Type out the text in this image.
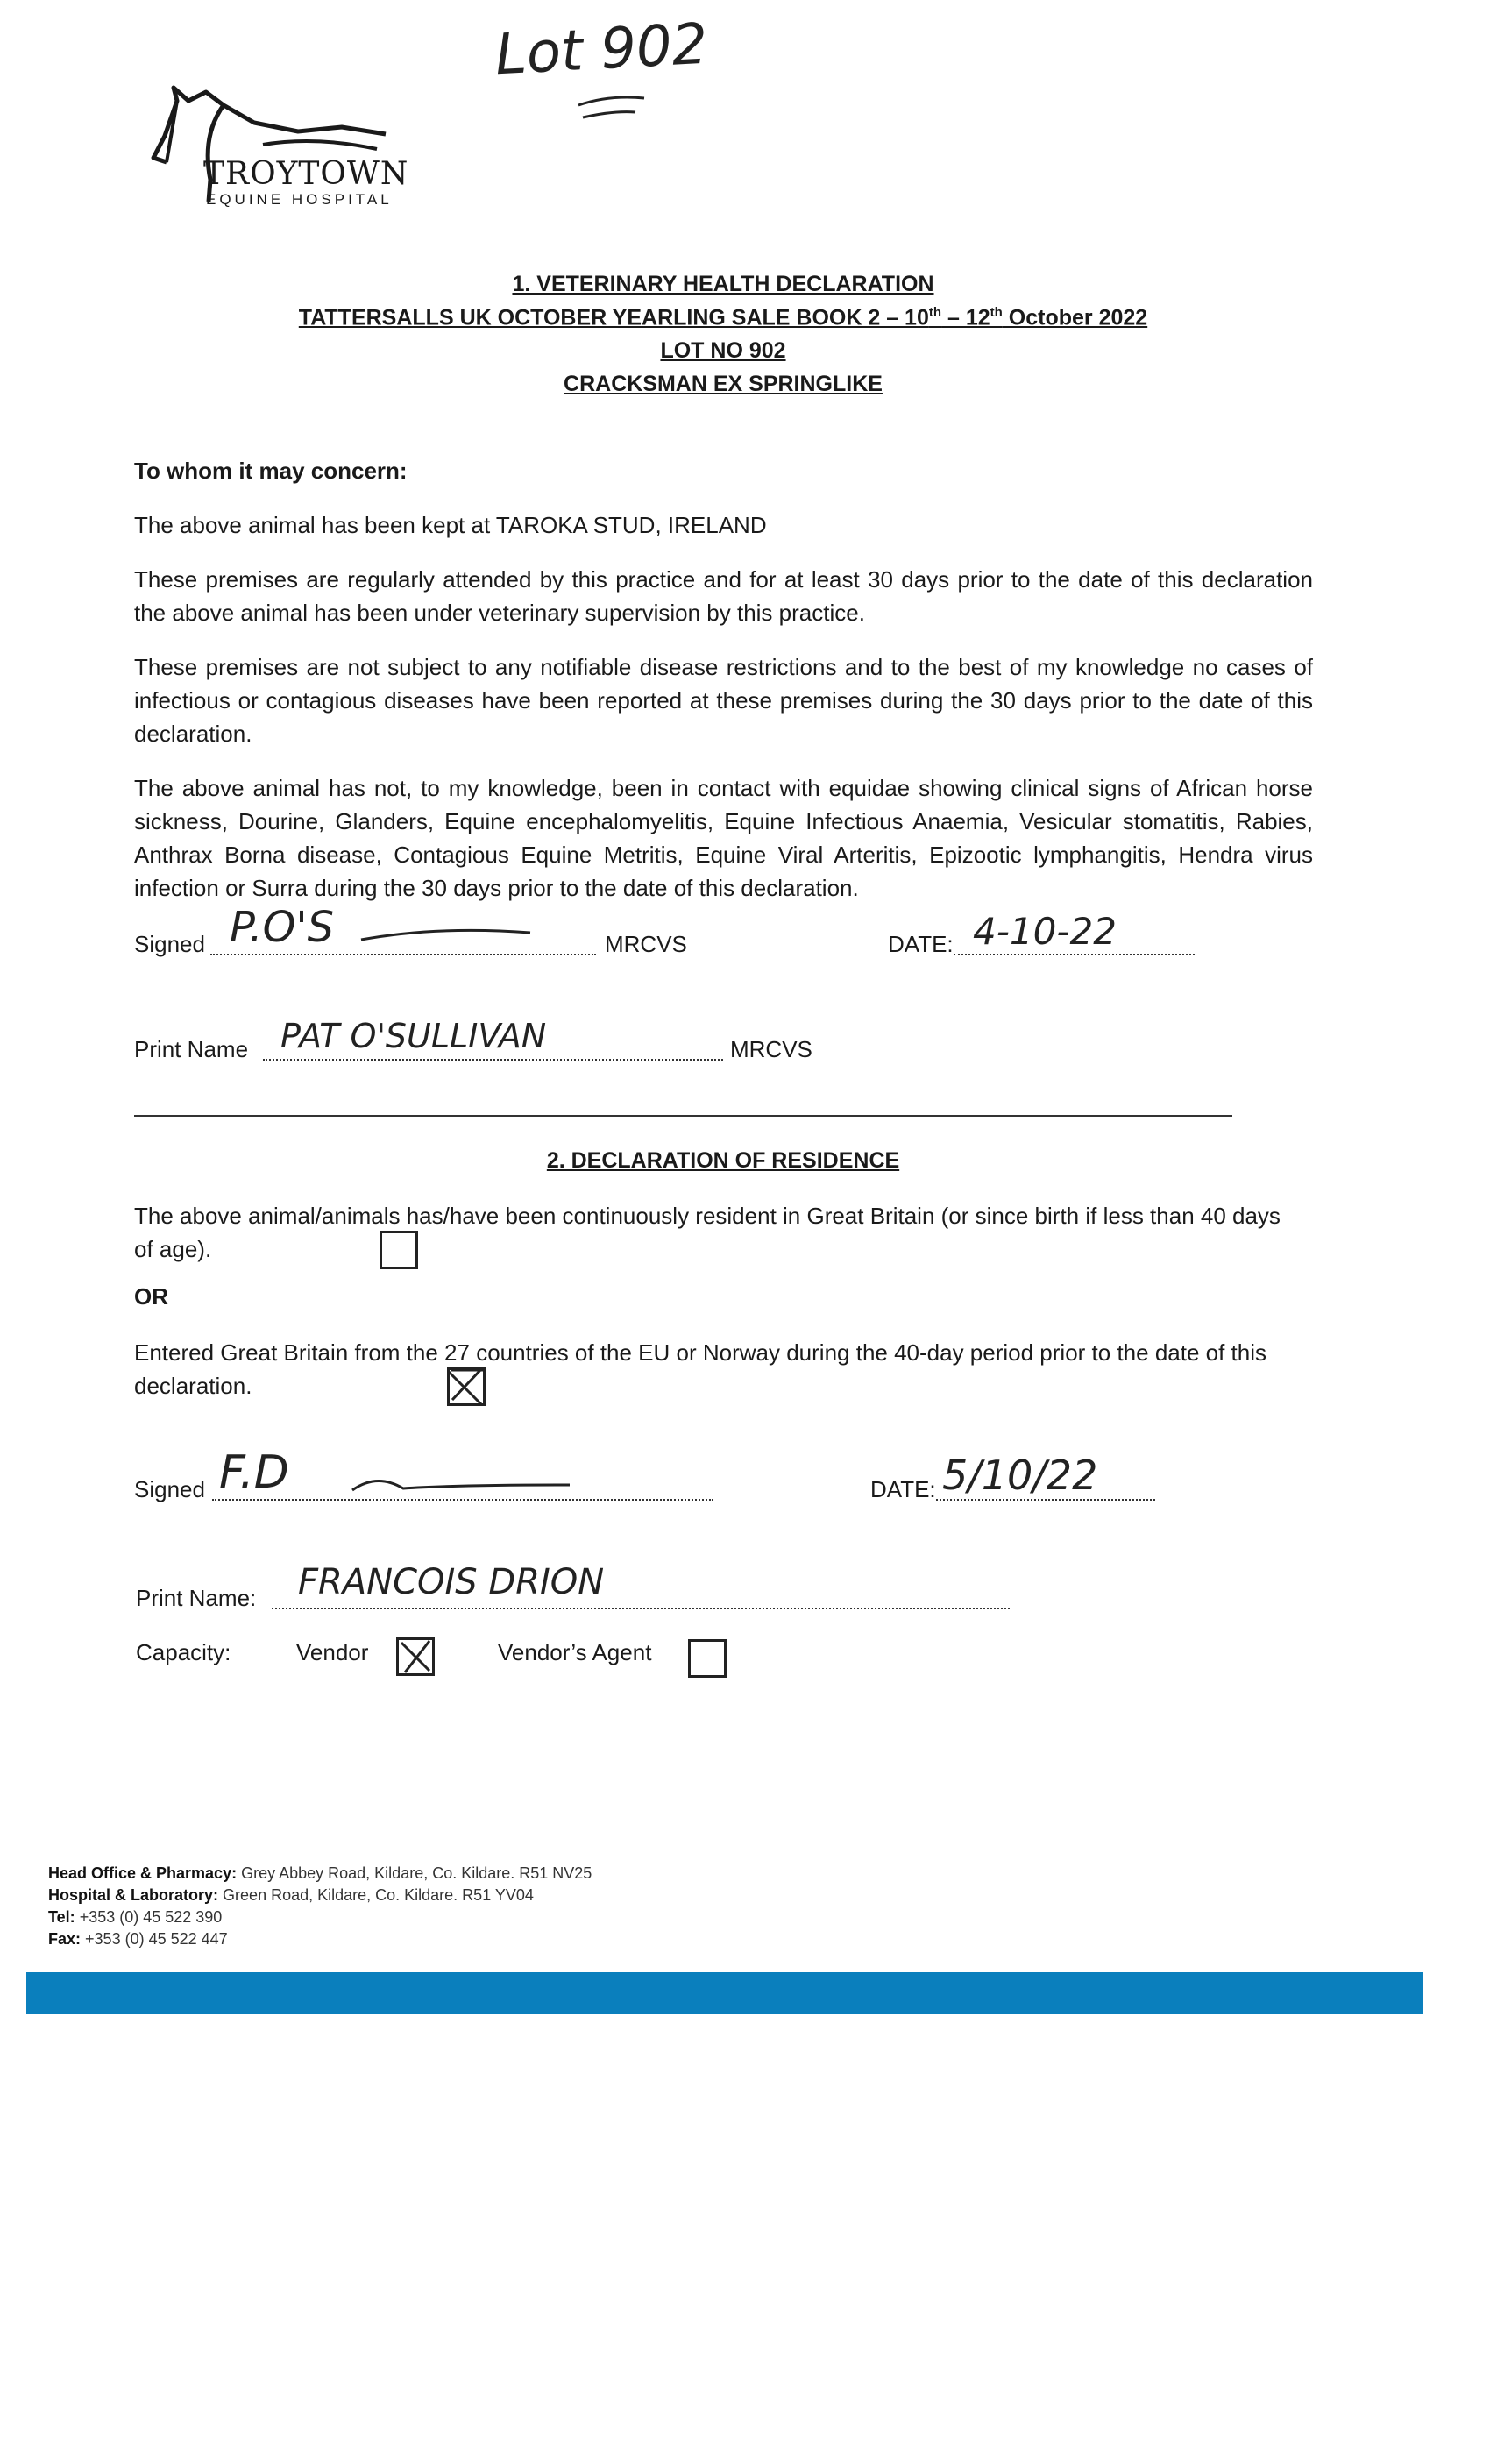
Lot 902
TROYTOWN
EQUINE HOSPITAL
1. VETERINARY HEALTH DECLARATION
TATTERSALLS UK OCTOBER YEARLING SALE BOOK 2 – 10th – 12th October 2022
LOT NO 902
CRACKSMAN EX SPRINGLIKE
To whom it may concern:
The above animal has been kept at TAROKA STUD, IRELAND
These premises are regularly attended by this practice and for at least 30 days prior to the date of this declaration the above animal has been under veterinary supervision by this practice.
These premises are not subject to any notifiable disease restrictions and to the best of my knowledge no cases of infectious or contagious diseases have been reported at these premises during the 30 days prior to the date of this declaration.
The above animal has not, to my knowledge, been in contact with equidae showing clinical signs of African horse sickness, Dourine, Glanders, Equine encephalomyelitis, Equine Infectious Anaemia, Vesicular stomatitis, Rabies, Anthrax Borna disease, Contagious Equine Metritis, Equine Viral Arteritis, Epizootic lymphangitis, Hendra virus infection or Surra during the 30 days prior to the date of this declaration.
Signed P.O'S	MRCVS	DATE: 4-10-22
Print Name PAT O'SULLIVAN	MRCVS
2. DECLARATION OF RESIDENCE
The above animal/animals has/have been continuously resident in Great Britain (or since birth if less than 40 days of age).
OR
Entered Great Britain from the 27 countries of the EU or Norway during the 40-day period prior to the date of this declaration.
Signed F.D	DATE: 5/10/22
Print Name: FRANCOIS DRION
Capacity:	Vendor	Vendor’s Agent
Head Office & Pharmacy: Grey Abbey Road, Kildare, Co. Kildare. R51 NV25
Hospital & Laboratory: Green Road, Kildare, Co. Kildare. R51 YV04
Tel: +353 (0) 45 522 390
Fax: +353 (0) 45 522 447
